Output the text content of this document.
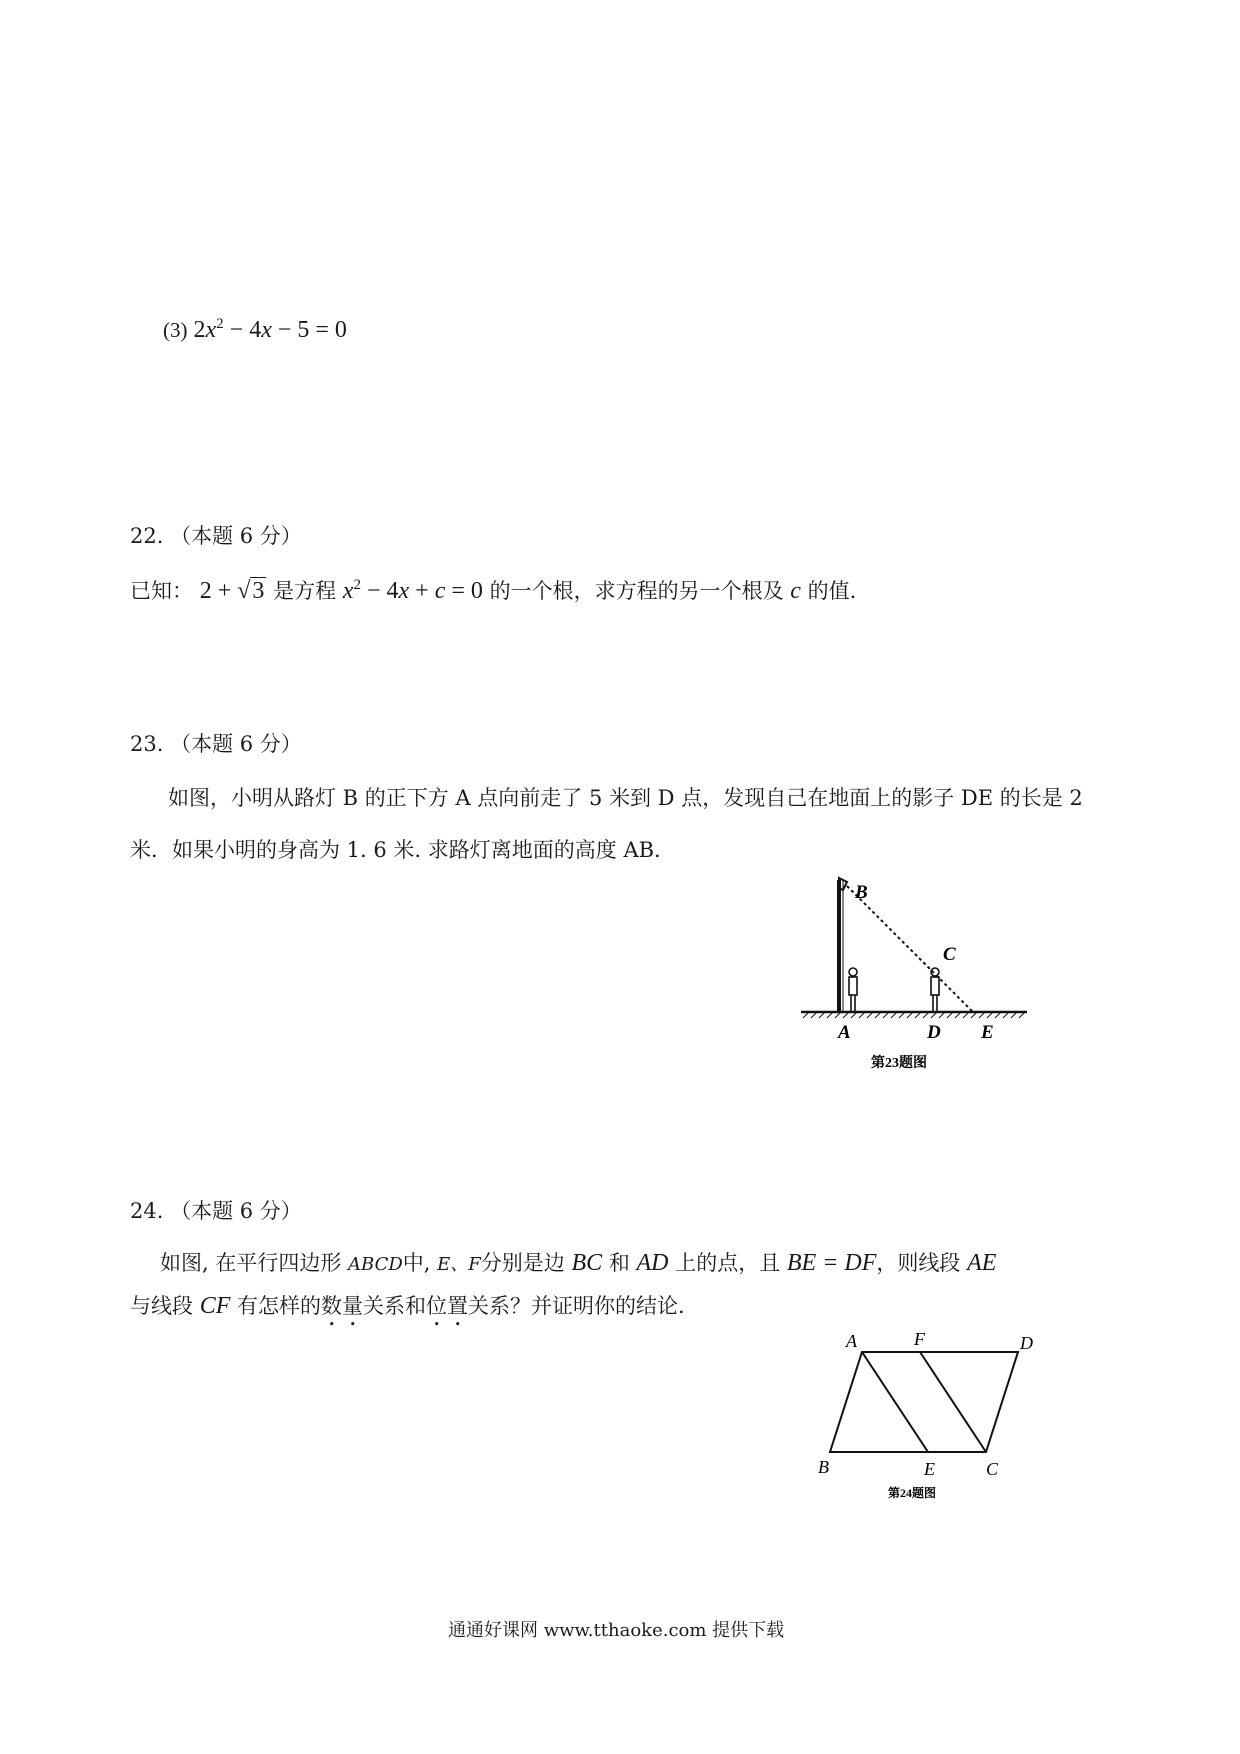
(3) $2x^2 - 4x - 5 = 0$
22. （本题 6 分）
已知： 2 + √3 是方程 $x^2 - 4x + c = 0$ 的一个根，求方程的另一个根及 c 的值.
23. （本题 6 分）
如图，小明从路灯 B 的正下方 A 点向前走了 5 米到 D 点，发现自己在地面上的影子 DE 的长是 2
米．如果小明的身高为 1. 6 米. 求路灯离地面的高度 AB.
B
C
A	D E
第23题图
24. （本题 6 分）
如图, 在平行四边形 ABCD中, E、F分别是边 BC 和 AD 上的点，且 BE = DF，则线段 AE
与线段 CF 有怎样的数量关系和位置关系？并证明你的结论.
A	F	D
B	E	C
第24题图
通通好课网 www.tthaoke.com 提供下载
